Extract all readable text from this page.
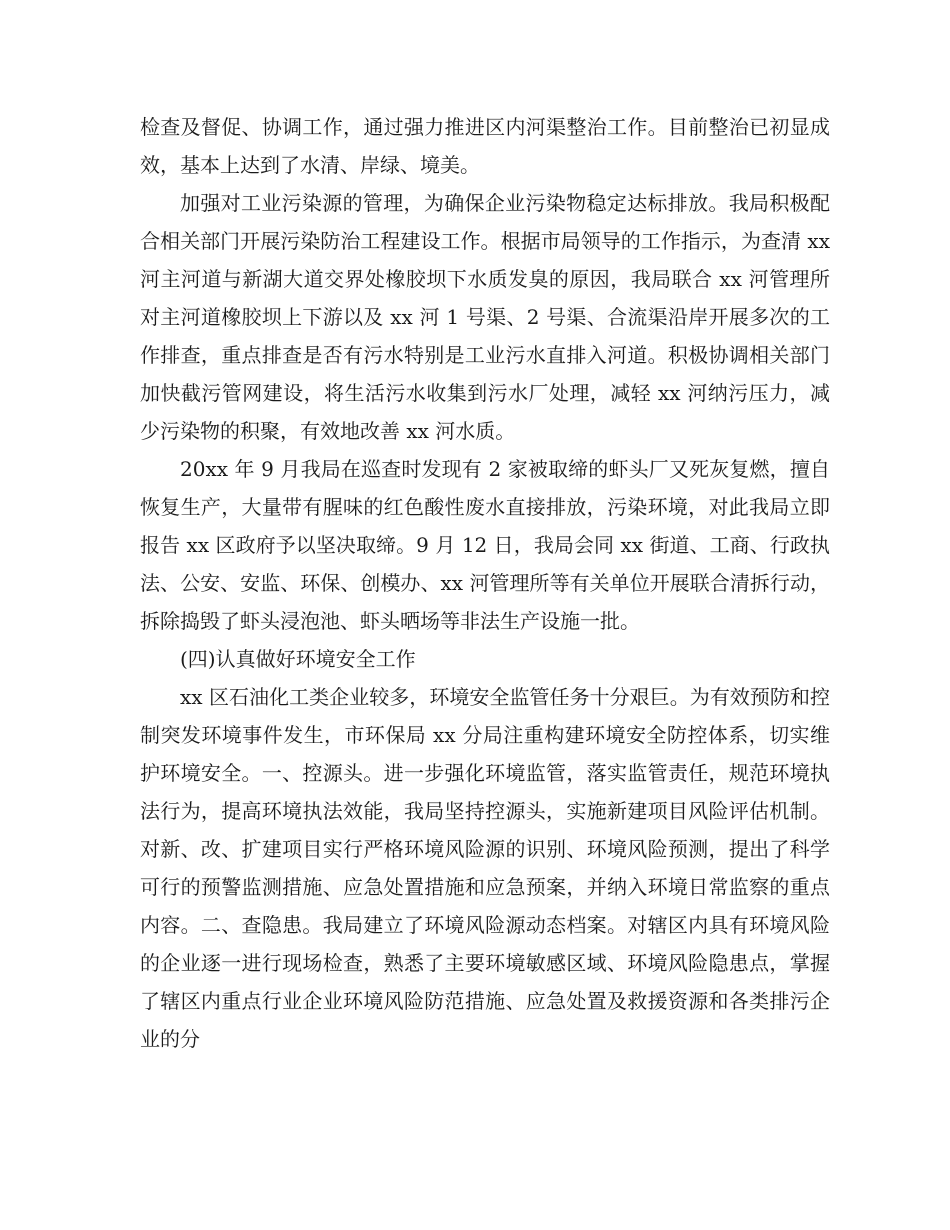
检查及督促、协调工作，通过强力推进区内河渠整治工作。目前整治已初显成效，基本上达到了水清、岸绿、境美。

加强对工业污染源的管理，为确保企业污染物稳定达标排放。我局积极配合相关部门开展污染防治工程建设工作。根据市局领导的工作指示，为查清 xx 河主河道与新湖大道交界处橡胶坝下水质发臭的原因，我局联合 xx 河管理所对主河道橡胶坝上下游以及 xx 河 1 号渠、2 号渠、合流渠沿岸开展多次的工作排查，重点排查是否有污水特别是工业污水直排入河道。积极协调相关部门加快截污管网建设，将生活污水收集到污水厂处理，减轻 xx 河纳污压力，减少污染物的积聚，有效地改善 xx 河水质。

20xx 年 9 月我局在巡查时发现有 2 家被取缔的虾头厂又死灰复燃，擅自恢复生产，大量带有腥味的红色酸性废水直接排放，污染环境，对此我局立即报告 xx 区政府予以坚决取缔。9 月 12 日，我局会同 xx 街道、工商、行政执法、公安、安监、环保、创模办、xx 河管理所等有关单位开展联合清拆行动，拆除捣毁了虾头浸泡池、虾头晒场等非法生产设施一批。

(四)认真做好环境安全工作

xx 区石油化工类企业较多，环境安全监管任务十分艰巨。为有效预防和控制突发环境事件发生，市环保局 xx 分局注重构建环境安全防控体系，切实维护环境安全。一、控源头。进一步强化环境监管，落实监管责任，规范环境执法行为，提高环境执法效能，我局坚持控源头，实施新建项目风险评估机制。对新、改、扩建项目实行严格环境风险源的识别、环境风险预测，提出了科学可行的预警监测措施、应急处置措施和应急预案，并纳入环境日常监察的重点内容。二、查隐患。我局建立了环境风险源动态档案。对辖区内具有环境风险的企业逐一进行现场检查，熟悉了主要环境敏感区域、环境风险隐患点，掌握了辖区内重点行业企业环境风险防范措施、应急处置及救援资源和各类排污企业的分
